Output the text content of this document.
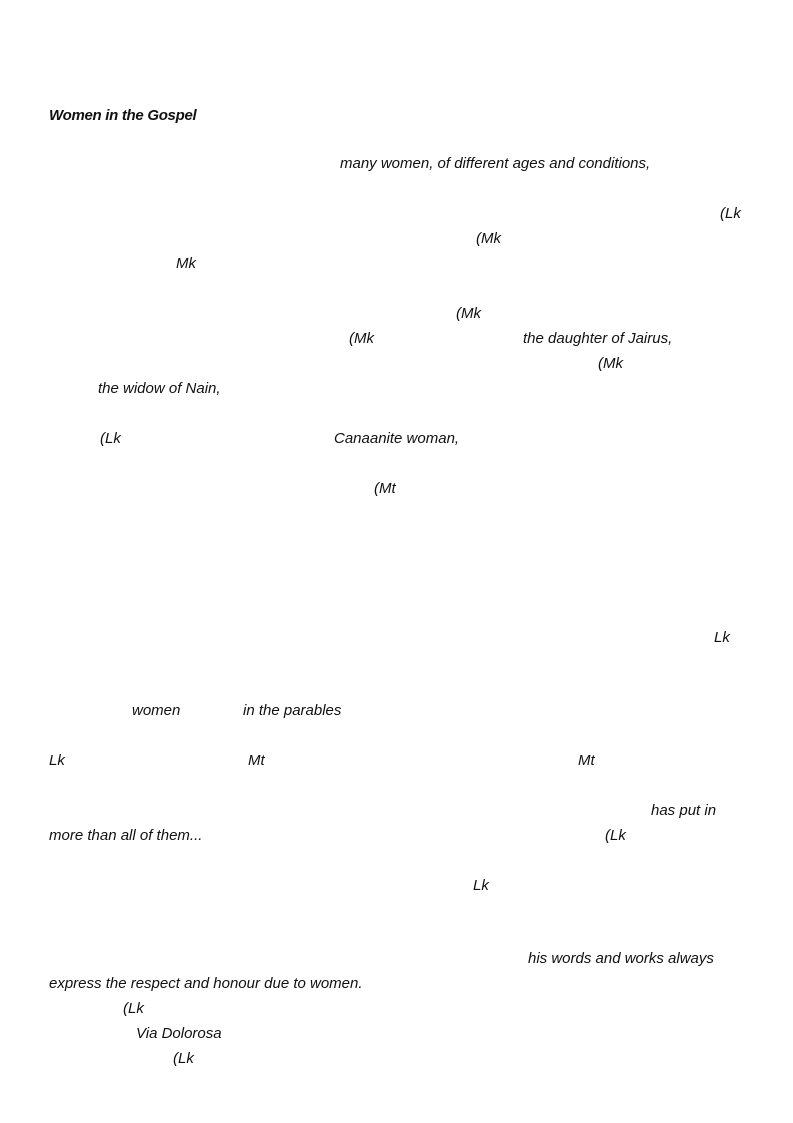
Women in the Gospel
many women, of different ages and conditions,
(Lk
(Mk
Mk
(Mk
(Mk	the daughter of Jairus,
(Mk
the widow of Nain,
(Lk	Canaanite woman,
(Mt
Lk
women	in the parables
Lk	Mt	Mt
has put in
more than all of them...	(Lk
Lk
his words and works always
express the respect and honour due to women.
(Lk
Via Dolorosa
(Lk
